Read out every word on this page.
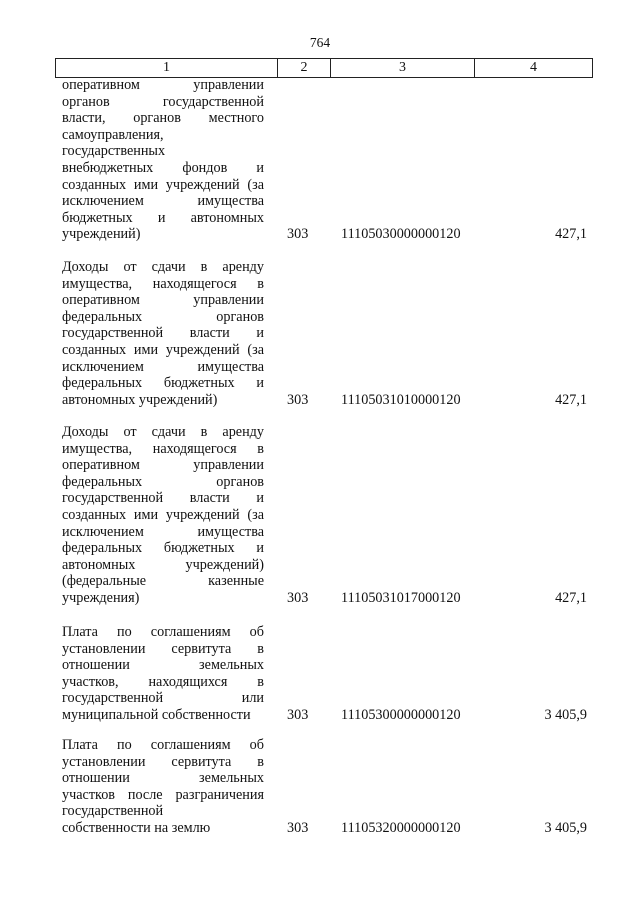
764
1	2	3	4
оперативном управлении
органов государственной
власти, органов местного
самоуправления,
государственных
внебюджетных фондов и
созданных ими учреждений (за
исключением имущества
бюджетных и автономных
учреждений)	303 11105030000000120	427,1
Доходы от сдачи в аренду
имущества, находящегося в
оперативном управлении
федеральных органов
государственной власти и
созданных ими учреждений (за
исключением имущества
федеральных бюджетных и
автономных учреждений)	303 11105031010000120	427,1
Доходы от сдачи в аренду
имущества, находящегося в
оперативном управлении
федеральных органов
государственной власти и
созданных ими учреждений (за
исключением имущества
федеральных бюджетных и
автономных учреждений)
(федеральные казенные
учреждения)	303 11105031017000120	427,1
Плата по соглашениям об
установлении сервитута в
отношении земельных
участков, находящихся в
государственной или
муниципальной собственности	303 11105300000000120	3 405,9
Плата по соглашениям об
установлении сервитута в
отношении земельных
участков после разграничения
государственной
собственности на землю	303 11105320000000120	3 405,9
